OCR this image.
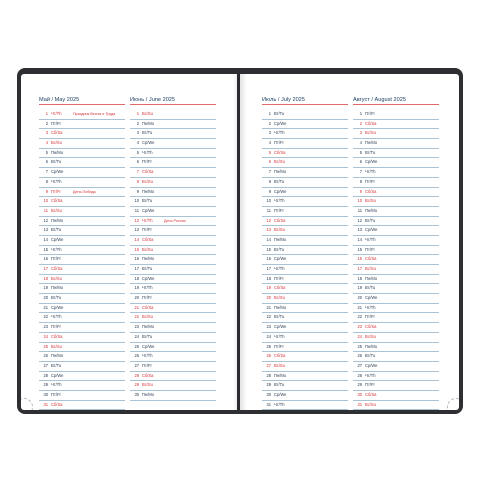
Май / May 2025
1 Чт/Th	Праздник Весны и Труда
2 Пт/Fr
3 Сб/Sa
4 Вс/Su
5 Пн/Mo
6 Вт/Tu
7 Ср/We
8 Чт/Th
9 Пт/Fr	День Победы
10 Сб/Sa
11 Вс/Su
12 Пн/Mo
13 Вт/Tu
14 Ср/We
15 Чт/Th
16 Пт/Fr
17 Сб/Sa
18 Вс/Su
19 Пн/Mo
20 Вт/Tu
21 Ср/We
22 Чт/Th
23 Пт/Fr
24 Сб/Sa
25 Вс/Su
26 Пн/Mo
27 Вт/Tu
28 Ср/We
29 Чт/Th
30 Пт/Fr
31 Сб/Sa
Июнь / June 2025
1 Вс/Su
2 Пн/Mo
3 Вт/Tu
4 Ср/We
5 Чт/Th
6 Пт/Fr
7 Сб/Sa
8 Вс/Su
9 Пн/Mo
10 Вт/Tu
11 Ср/We
12 Чт/Th	День России
13 Пт/Fr
14 Сб/Sa
15 Вс/Su
16 Пн/Mo
17 Вт/Tu
18 Ср/We
19 Чт/Th
20 Пт/Fr
21 Сб/Sa
22 Вс/Su
23 Пн/Mo
24 Вт/Tu
25 Ср/We
26 Чт/Th
27 Пт/Fr
28 Сб/Sa
29 Вс/Su
30 Пн/Mo
Июль / July 2025
1 Вт/Tu
2 Ср/We
3 Чт/Th
4 Пт/Fr
5 Сб/Sa
6 Вс/Su
7 Пн/Mo
8 Вт/Tu
9 Ср/We
10 Чт/Th
11 Пт/Fr
12 Сб/Sa
13 Вс/Su
14 Пн/Mo
15 Вт/Tu
16 Ср/We
17 Чт/Th
18 Пт/Fr
19 Сб/Sa
20 Вс/Su
21 Пн/Mo
22 Вт/Tu
23 Ср/We
24 Чт/Th
25 Пт/Fr
26 Сб/Sa
27 Вс/Su
28 Пн/Mo
29 Вт/Tu
30 Ср/We
31 Чт/Th
Август / August 2025
1 Пт/Fr
2 Сб/Sa
3 Вс/Su
4 Пн/Mo
5 Вт/Tu
6 Ср/We
7 Чт/Th
8 Пт/Fr
9 Сб/Sa
10 Вс/Su
11 Пн/Mo
12 Вт/Tu
13 Ср/We
14 Чт/Th
15 Пт/Fr
16 Сб/Sa
17 Вс/Su
18 Пн/Mo
19 Вт/Tu
20 Ср/We
21 Чт/Th
22 Пт/Fr
23 Сб/Sa
24 Вс/Su
25 Пн/Mo
26 Вт/Tu
27 Ср/We
28 Чт/Th
29 Пт/Fr
30 Сб/Sa
31 Вс/Su
